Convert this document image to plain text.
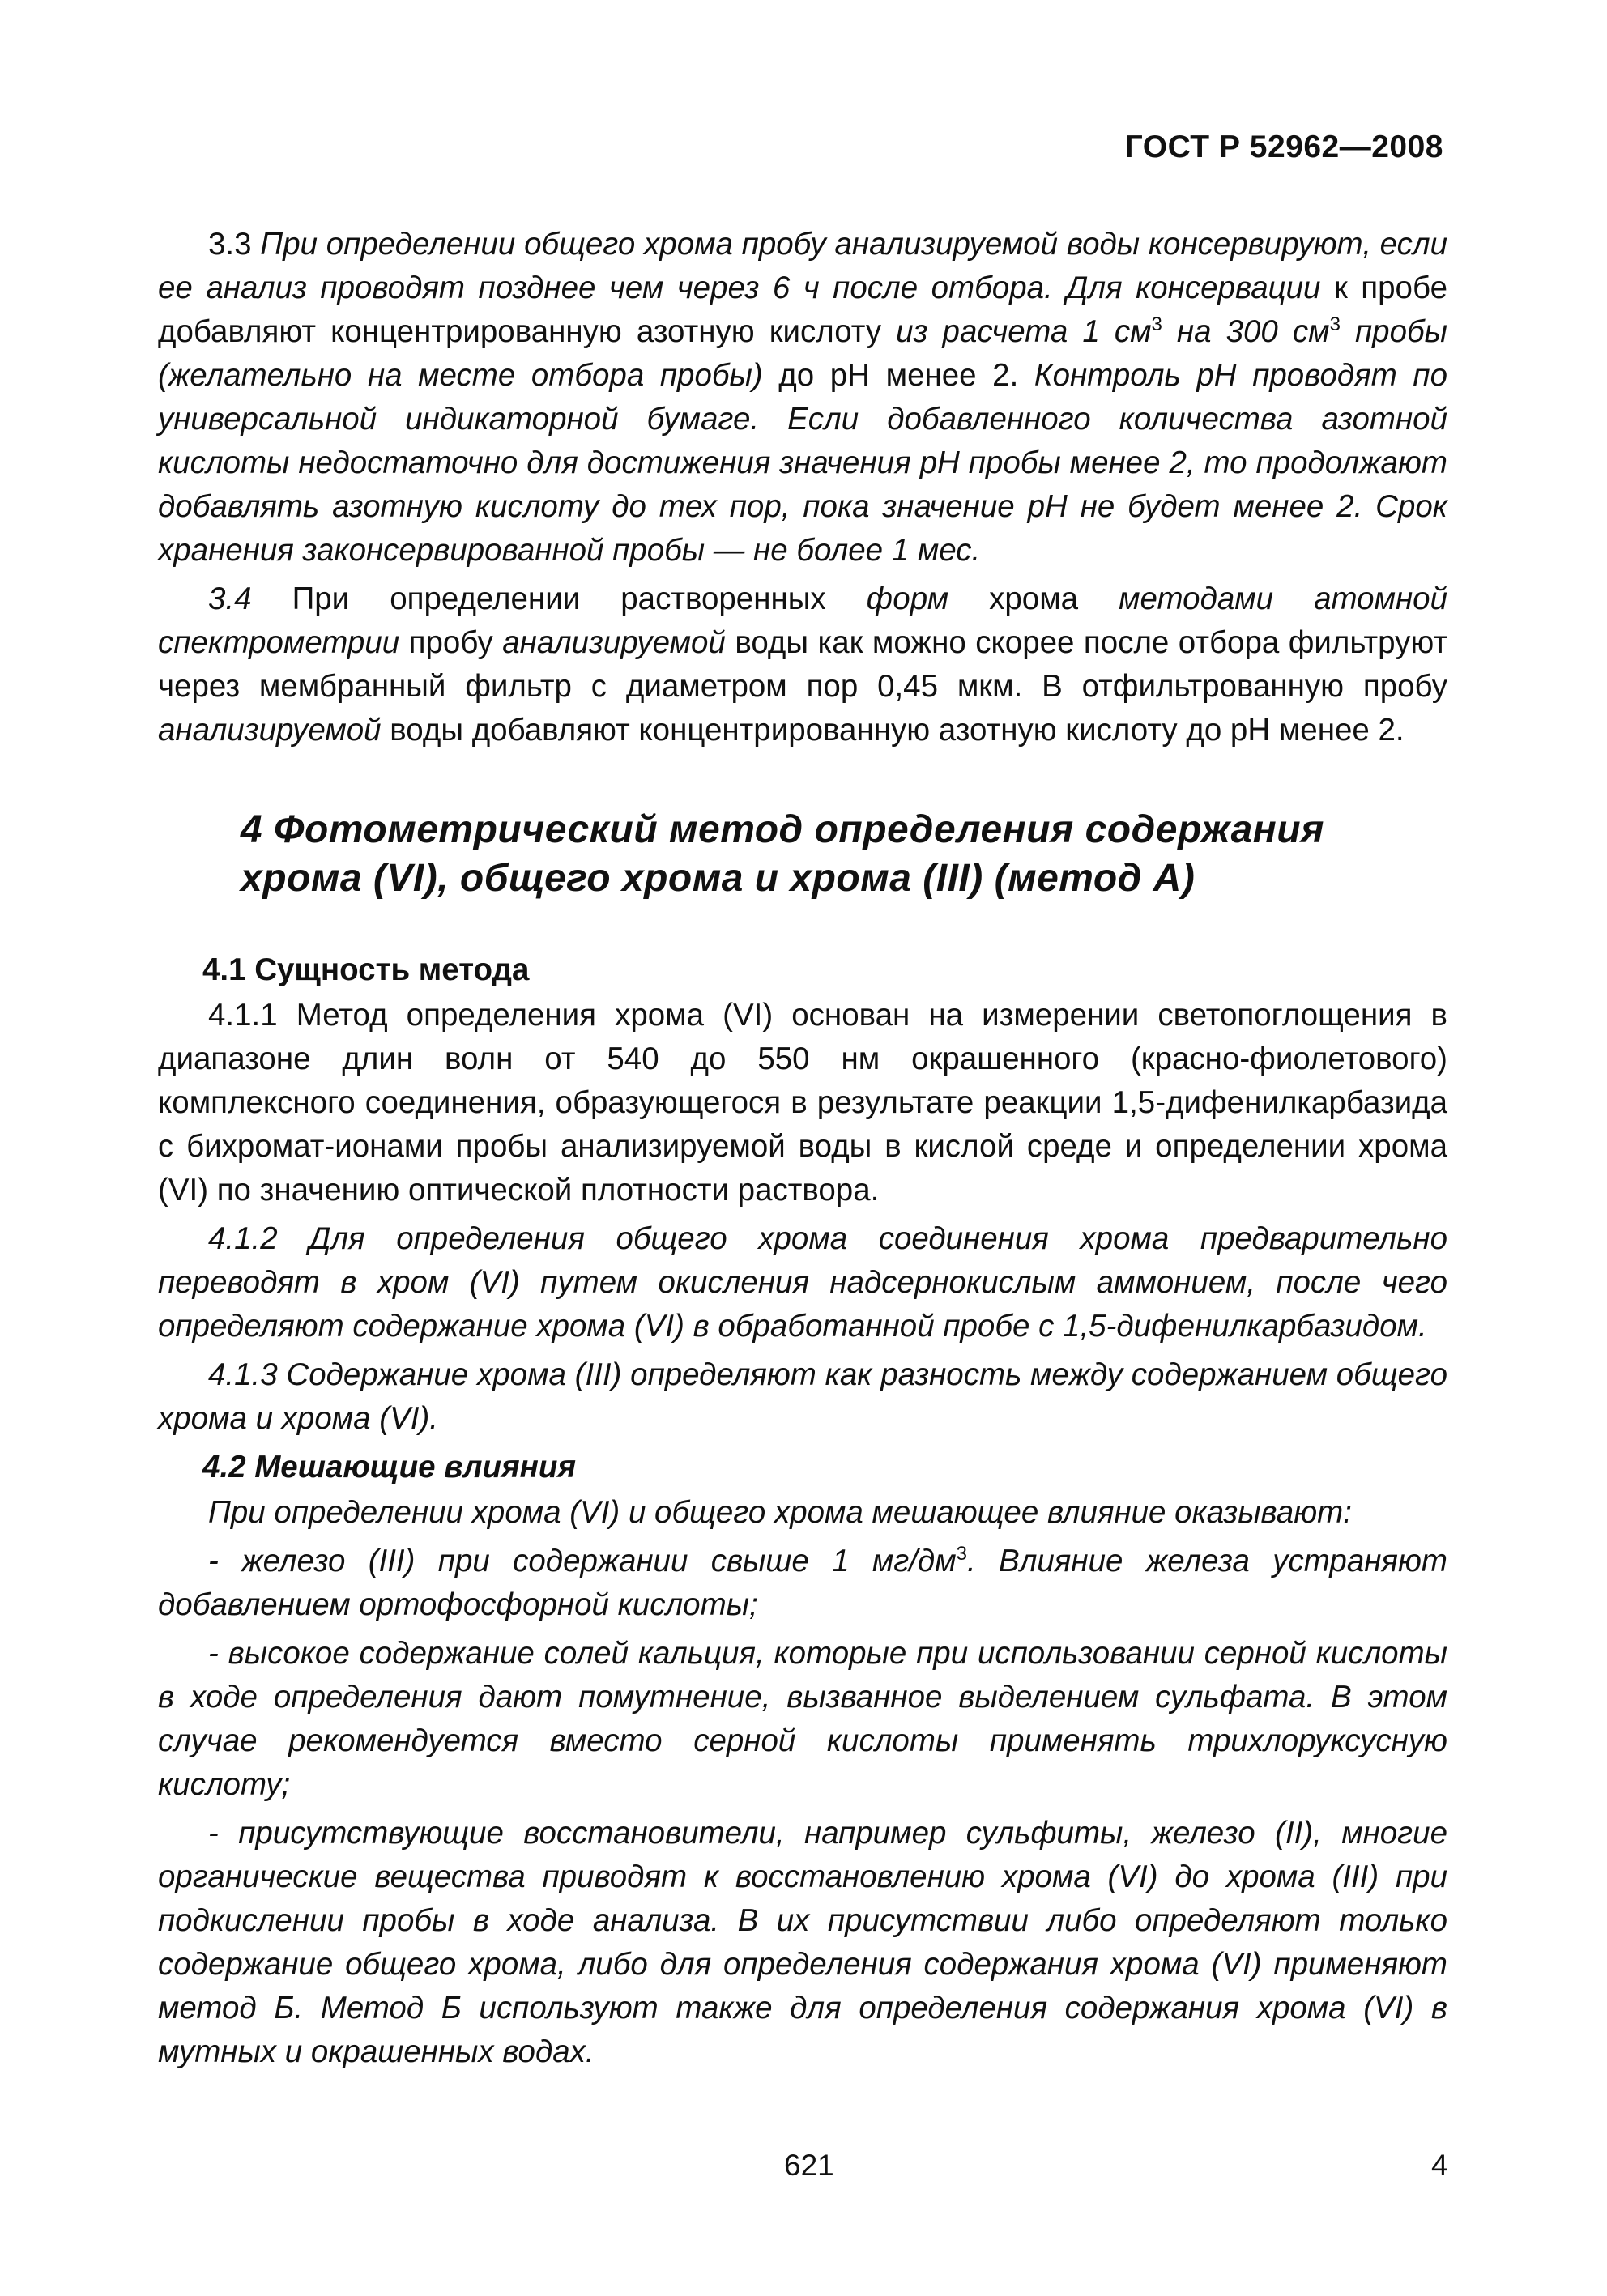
ГОСТ Р 52962—2008

3.3 При определении общего хрома пробу анализируемой воды консервируют, если ее анализ проводят позднее чем через 6 ч после отбора. Для консервации к пробе добавляют концентрированную азотную кислоту из расчета 1 $см^3$ на 300 $см^3$ пробы (желательно на месте отбора пробы) до pH менее 2. Контроль pH проводят по универсальной индикаторной бумаге. Если добавленного количества азотной кислоты недостаточно для достижения значения pH пробы менее 2, то продолжают добавлять азотную кислоту до тех пор, пока значение pH не будет менее 2. Срок хранения законсервированной пробы — не более 1 мес.

3.4 При определении растворенных форм хрома методами атомной спектрометрии пробу анализируемой воды как можно скорее после отбора фильтруют через мембранный фильтр с диаметром пор 0,45 мкм. В отфильтрованную пробу анализируемой воды добавляют концентрированную азотную кислоту до pH менее 2.

4 Фотометрический метод определения содержания
хрома (VI), общего хрома и хрома (III) (метод А)
4.1 Сущность метода

4.1.1 Метод определения хрома (VI) основан на измерении светопоглощения в диапазоне длин волн от 540 до 550 нм окрашенного (красно-фиолетового) комплексного соединения, образующегося в результате реакции 1,5-дифенилкарбазида с бихромат-ионами пробы анализируемой воды в кислой среде и определении хрома (VI) по значению оптической плотности раствора.

4.1.2 Для определения общего хрома соединения хрома предварительно переводят в хром (VI) путем окисления надсернокислым аммонием, после чего определяют содержание хрома (VI) в обработанной пробе с 1,5-дифенилкарбазидом.

4.1.3 Содержание хрома (III) определяют как разность между содержанием общего хрома и хрома (VI).

4.2 Мешающие влияния

При определении хрома (VI) и общего хрома мешающее влияние оказывают:

- железо (III) при содержании свыше 1 $мг/дм^3$. Влияние железа устраняют добавлением ортофосфорной кислоты;

- высокое содержание солей кальция, которые при использовании серной кислоты в ходе определения дают помутнение, вызванное выделением сульфата. В этом случае рекомендуется вместо серной кислоты применять трихлоруксусную кислоту;

- присутствующие восстановители, например сульфиты, железо (II), многие органические вещества приводят к восстановлению хрома (VI) до хрома (III) при подкислении пробы в ходе анализа. В их присутствии либо определяют только содержание общего хрома, либо для определения содержания хрома (VI) применяют метод Б. Метод Б используют также для определения содержания хрома (VI) в мутных и окрашенных водах.

621	4
